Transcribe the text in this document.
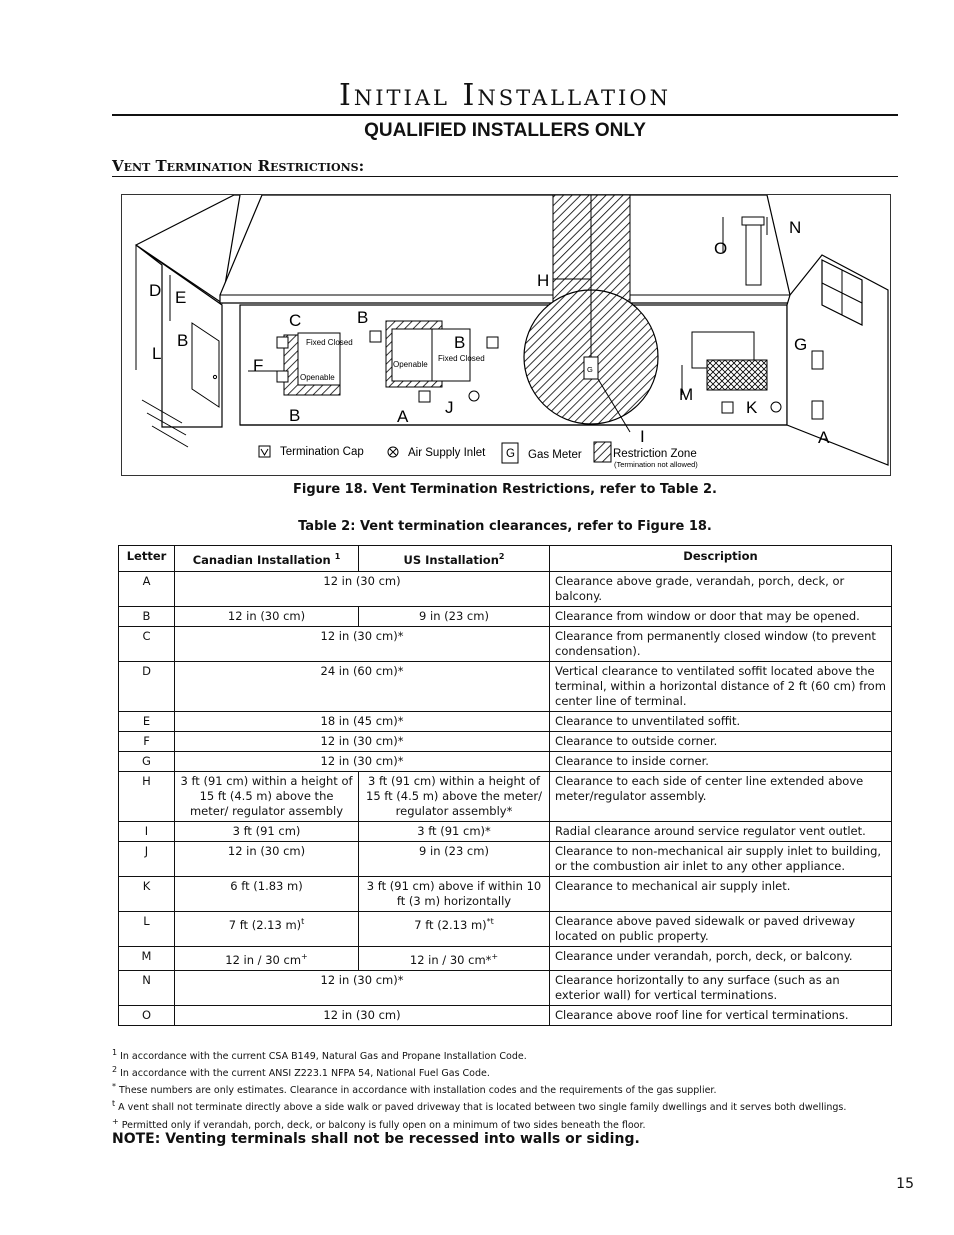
Initial Installation
QUALIFIED INSTALLERS ONLY
Vent Termination Restrictions:
G
Fixed Closed
Openable
Openable
Fixed Closed
D E
B
L
F
C
B
B
B
A J
H
I
M
K
O
N
G
A
Termination Cap	Air Supply Inlet G Gas Meter	Restriction Zone
(Termination not allowed)
Figure 18. Vent Termination Restrictions, refer to Table 2.
Table 2: Vent termination clearances, refer to Figure 18.
Letter	Canadian Installation $^1$	US Installation$^2$	Description
A	12 in (30 cm)		Clearance above grade, verandah, porch, deck, or balcony.
B	12 in (30 cm)	9 in (23 cm)	Clearance from window or door that may be opened.
C	12 in (30 cm)*		Clearance from permanently closed window (to prevent condensation).
D	24 in (60 cm)*		Vertical clearance to ventilated soffit located above the terminal, within a horizontal distance of 2 ft (60 cm) from center line of terminal.
E	18 in (45 cm)*		Clearance to unventilated soffit.
F	12 in (30 cm)*		Clearance to outside corner.
G	12 in (30 cm)*		Clearance to inside corner.
H	3 ft (91 cm) within a height of 15 ft (4.5 m) above the meter/ regulator assembly	3 ft (91 cm) within a height of 15 ft (4.5 m) above the meter/ regulator assembly*	Clearance to each side of center line extended above meter/regulator assembly.
I	3 ft (91 cm)	3 ft (91 cm)*	Radial clearance around service regulator vent outlet.
J	12 in (30 cm)	9 in (23 cm)	Clearance to non-mechanical air supply inlet to building, or the combustion air inlet to any other appliance.
K	6 ft (1.83 m)	3 ft (91 cm) above if within 10 ft (3 m) horizontally	Clearance to mechanical air supply inlet.
L	7 ft (2.13 m)$^t$	7 ft (2.13 m)$^{*t}$	Clearance above paved sidewalk or paved driveway located on public property.
M	12 in / 30 cm+	12 in / 30 cm*+	Clearance under verandah, porch, deck, or balcony.
N	12 in (30 cm)*		Clearance horizontally to any surface (such as an exterior wall) for vertical terminations.
O	12 in (30 cm)		Clearance above roof line for vertical terminations.
$^1$ In accordance with the current CSA B149, Natural Gas and Propane Installation Code.
$^2$ In accordance with the current ANSI Z223.1 NFPA 54, National Fuel Gas Code.
* These numbers are only estimates. Clearance in accordance with installation codes and the requirements of the gas supplier.
$^t$ A vent shall not terminate directly above a side walk or paved driveway that is located between two single family dwellings and it serves both dwellings.
+ Permitted only if verandah, porch, deck, or balcony is fully open on a minimum of two sides beneath the floor.
NOTE: Venting terminals shall not be recessed into walls or siding.
15
